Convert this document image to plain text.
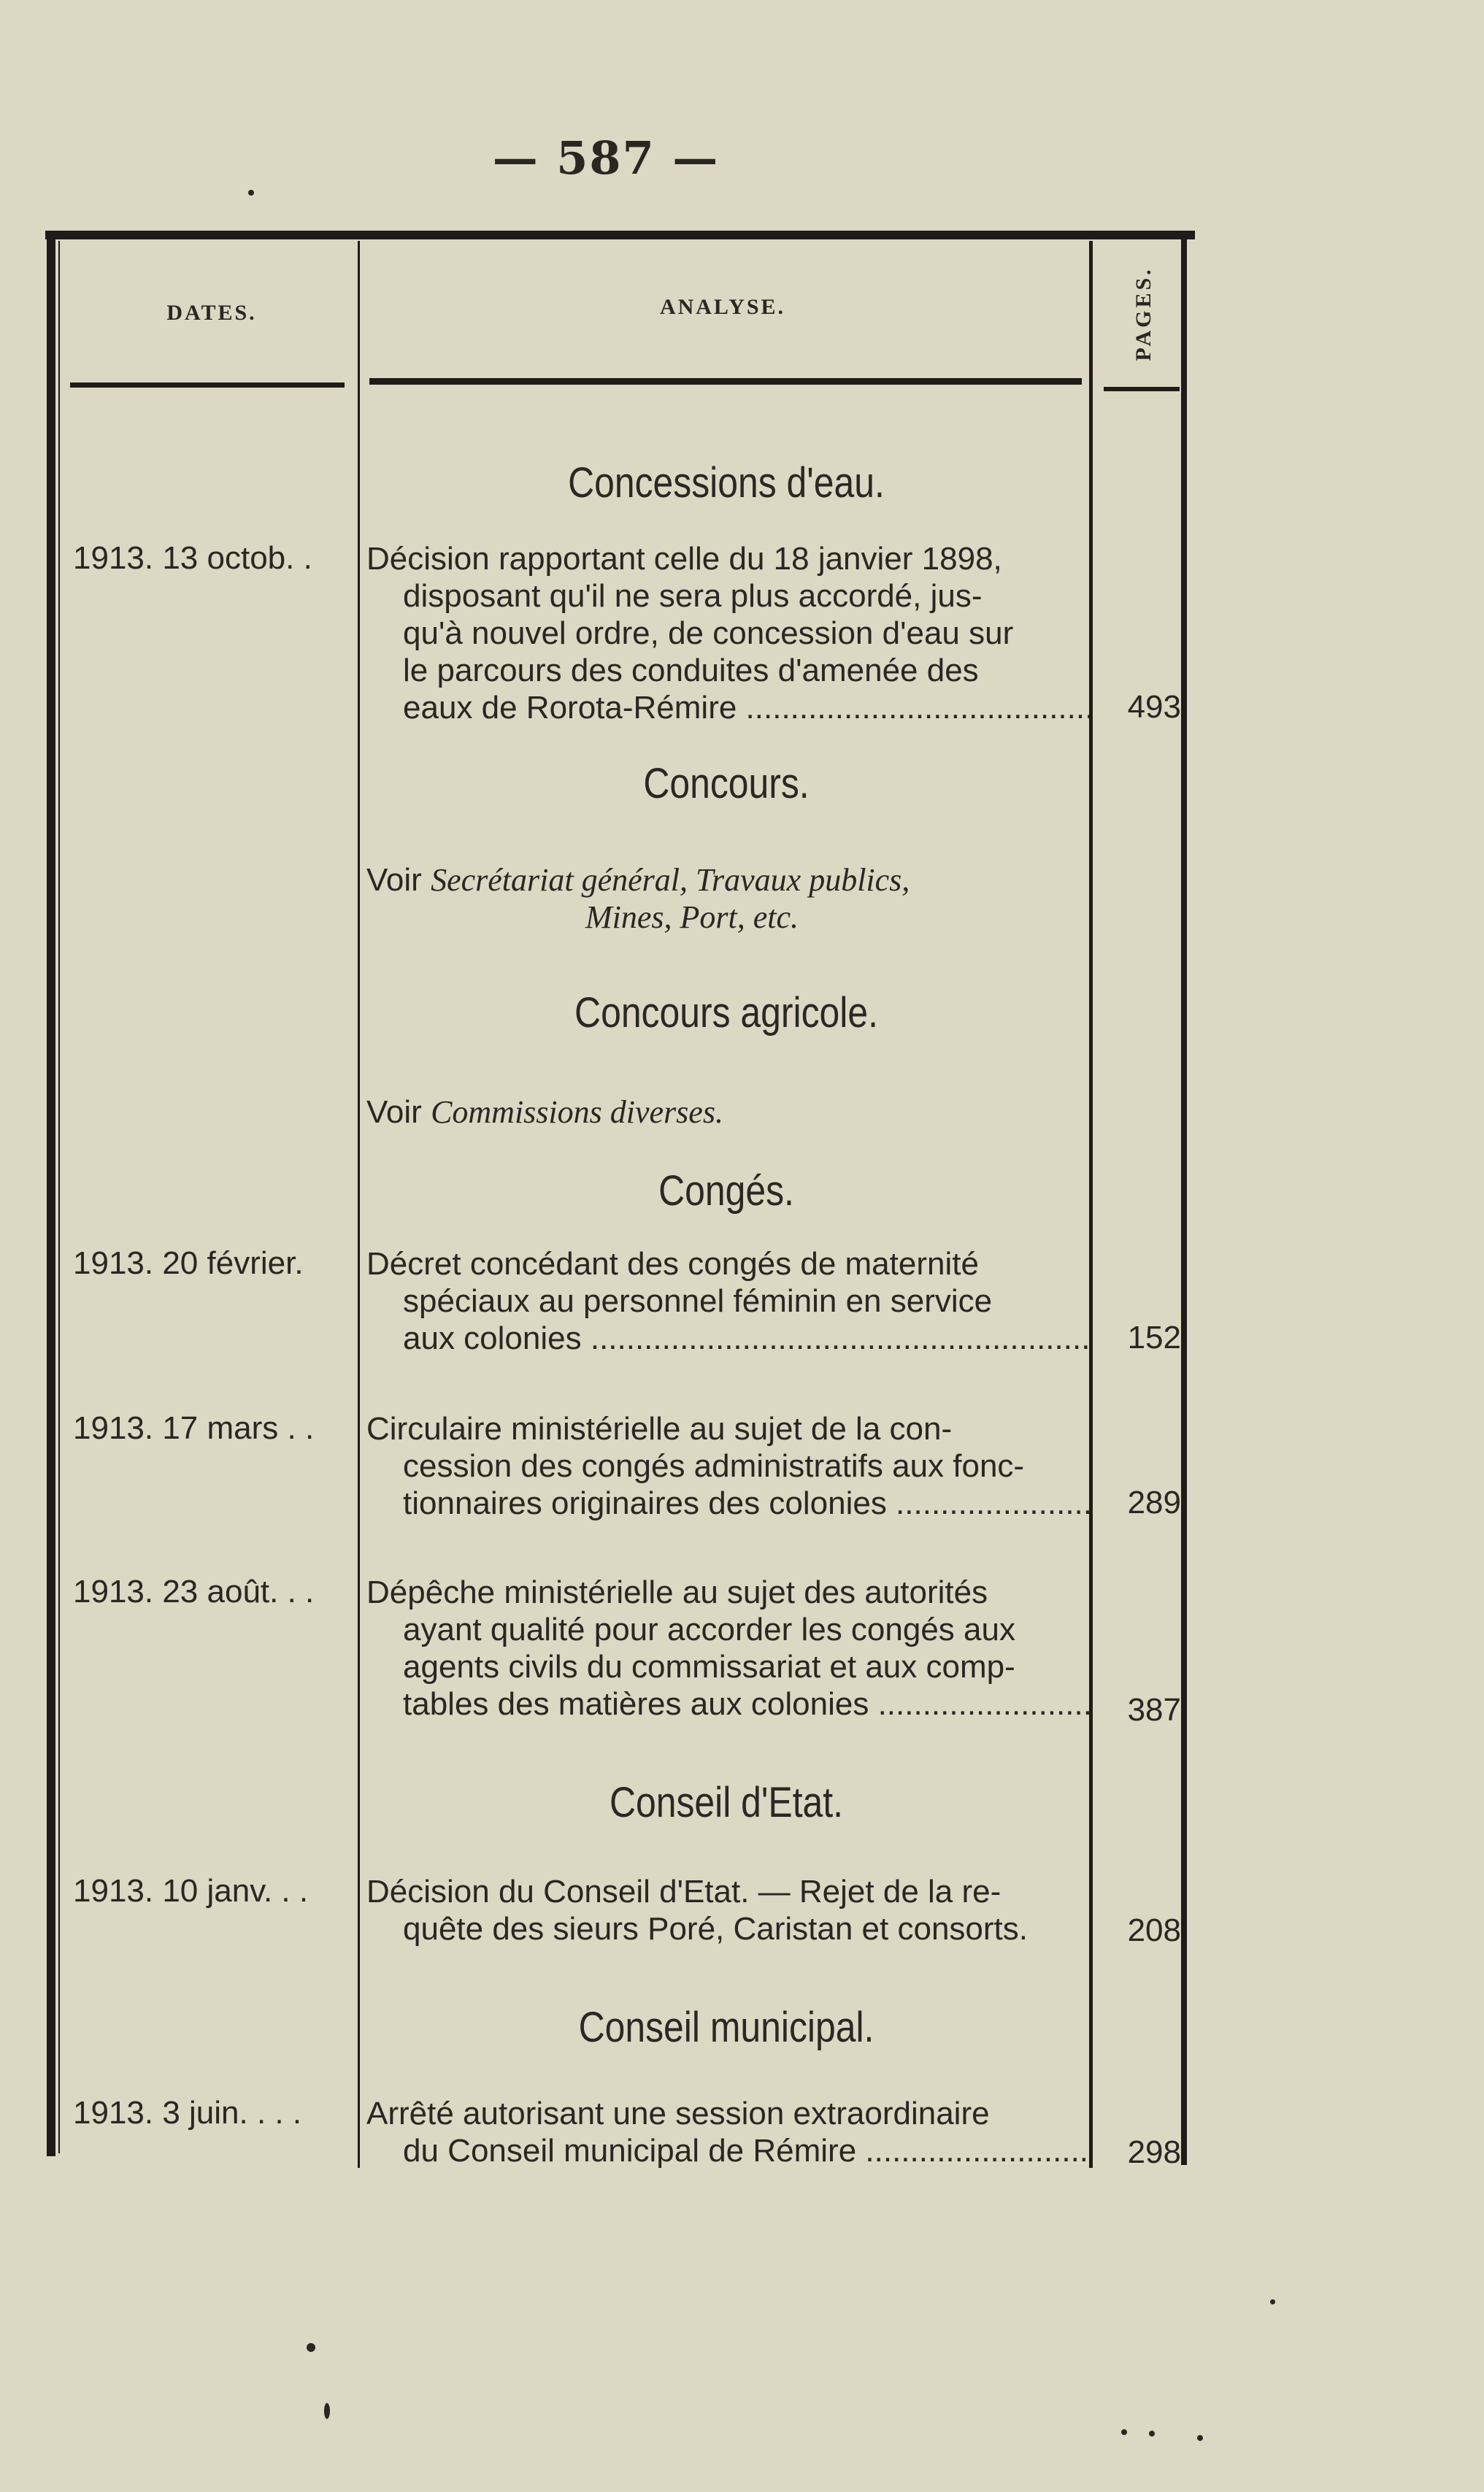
— 587 —
DATES.	ANALYSE.	PAGES.
Concessions d'eau.
1913. 13 octob. .	Décision rapportant celle du 18 janvier 1898,

disposant qu'il ne sera plus accordé, jus-

qu'à nouvel ordre, de concession d'eau sur

le parcours des conduites d'amenée des

eaux de Rorota-Rémire .....	493
Concours.
Voir Secrétariat général, Travaux publics,
Mines, Port, etc.
Concours agricole.
Voir Commissions diverses.
Congés.
1913. 20 février.	Décret concédant des congés de maternité

spéciaux au personnel féminin en service

aux colonies .....	152
1913. 17 mars . .	Circulaire ministérielle au sujet de la con-

cession des congés administratifs aux fonc-

tionnaires originaires des colonies .....	289
1913. 23 août. . .	Dépêche ministérielle au sujet des autorités

ayant qualité pour accorder les congés aux

agents civils du commissariat et aux comp-

tables des matières aux colonies .....	387
Conseil d'Etat.
1913. 10 janv. . .	Décision du Conseil d'Etat. — Rejet de la re-

quête des sieurs Poré, Caristan et consorts.	208
Conseil municipal.
1913. 3 juin. . . .	Arrêté autorisant une session extraordinaire

du Conseil municipal de Rémire .....	298
